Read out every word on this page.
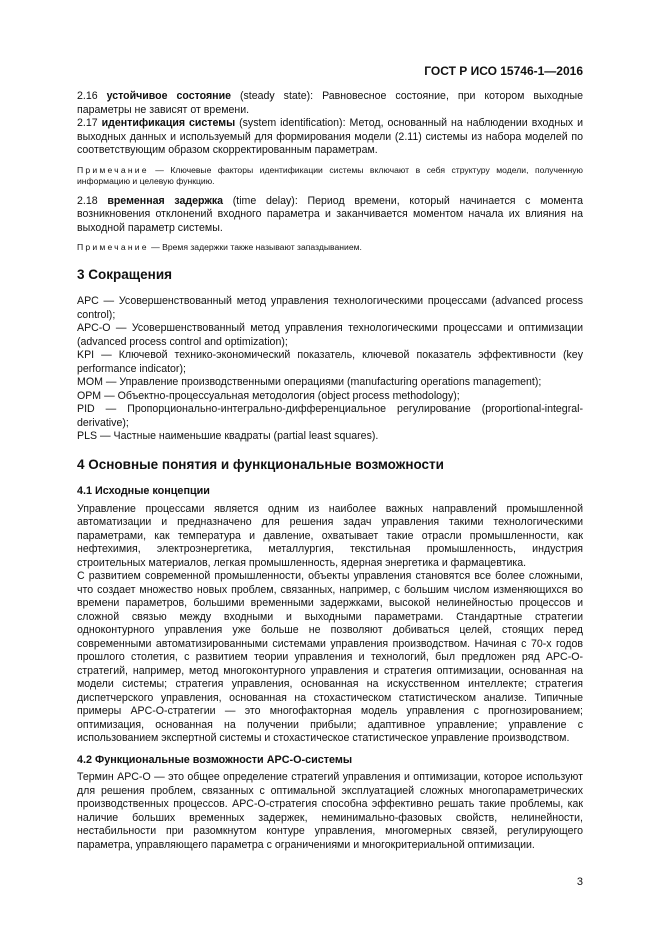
ГОСТ Р ИСО 15746-1—2016

2.16 устойчивое состояние (steady state): Равновесное состояние, при котором выходные параметры не зависят от времени.

2.17 идентификация системы (system identification): Метод, основанный на наблюдении входных и выходных данных и используемый для формирования модели (2.11) системы из набора моделей по соответствующим образом скорректированным параметрам.

Примечание — Ключевые факторы идентификации системы включают в себя структуру модели, полученную информацию и целевую функцию.

2.18 временная задержка (time delay): Период времени, который начинается с момента возникновения отклонений входного параметра и заканчивается моментом начала их влияния на выходной параметр системы.

Примечание — Время задержки также называют запаздыванием.

3 Сокращения

APC — Усовершенствованный метод управления технологическими процессами (advanced process control);

APC-O — Усовершенствованный метод управления технологическими процессами и оптимизации (advanced process control and optimization);

KPI — Ключевой технико-экономический показатель, ключевой показатель эффективности (key performance indicator);

MOM — Управление производственными операциями (manufacturing operations management);

OPM — Объектно-процессуальная методология (object process methodology);

PID — Пропорционально-интегрально-дифференциальное регулирование (proportional-integral-derivative);

PLS — Частные наименьшие квадраты (partial least squares).

4 Основные понятия и функциональные возможности
4.1 Исходные концепции

Управление процессами является одним из наиболее важных направлений промышленной автоматизации и предназначено для решения задач управления такими технологическими параметрами, как температура и давление, охватывает такие отрасли промышленности, как нефтехимия, электроэнергетика, металлургия, текстильная промышленность, индустрия строительных материалов, легкая промышленность, ядерная энергетика и фармацевтика.

С развитием современной промышленности, объекты управления становятся все более сложными, что создает множество новых проблем, связанных, например, с большим числом изменяющихся во времени параметров, большими временными задержками, высокой нелинейностью процессов и сложной связью между входными и выходными параметрами. Стандартные стратегии одноконтурного управления уже больше не позволяют добиваться целей, стоящих перед современными автоматизированными системами управления производством. Начиная с 70-х годов прошлого столетия, с развитием теории управления и технологий, был предложен ряд APC-O-стратегий, например, метод многоконтурного управления и стратегия оптимизации, основанная на модели системы; стратегия управления, основанная на искусственном интеллекте; стратегия диспетчерского управления, основанная на стохастическом статистическом анализе. Типичные примеры APC-O-стратегии — это многофакторная модель управления с прогнозированием; оптимизация, основанная на получении прибыли; адаптивное управление; управление с использованием экспертной системы и стохастическое статистическое управление производством.

4.2 Функциональные возможности APC-O-системы

Термин APC-O — это общее определение стратегий управления и оптимизации, которое используют для решения проблем, связанных с оптимальной эксплуатацией сложных многопараметрических производственных процессов. APC-O-стратегия способна эффективно решать такие проблемы, как наличие больших временных задержек, неминимально-фазовых свойств, нелинейности, нестабильности при разомкнутом контуре управления, многомерных связей, регулирующего параметра, управляющего параметра с ограничениями и многокритериальной оптимизации.

3
